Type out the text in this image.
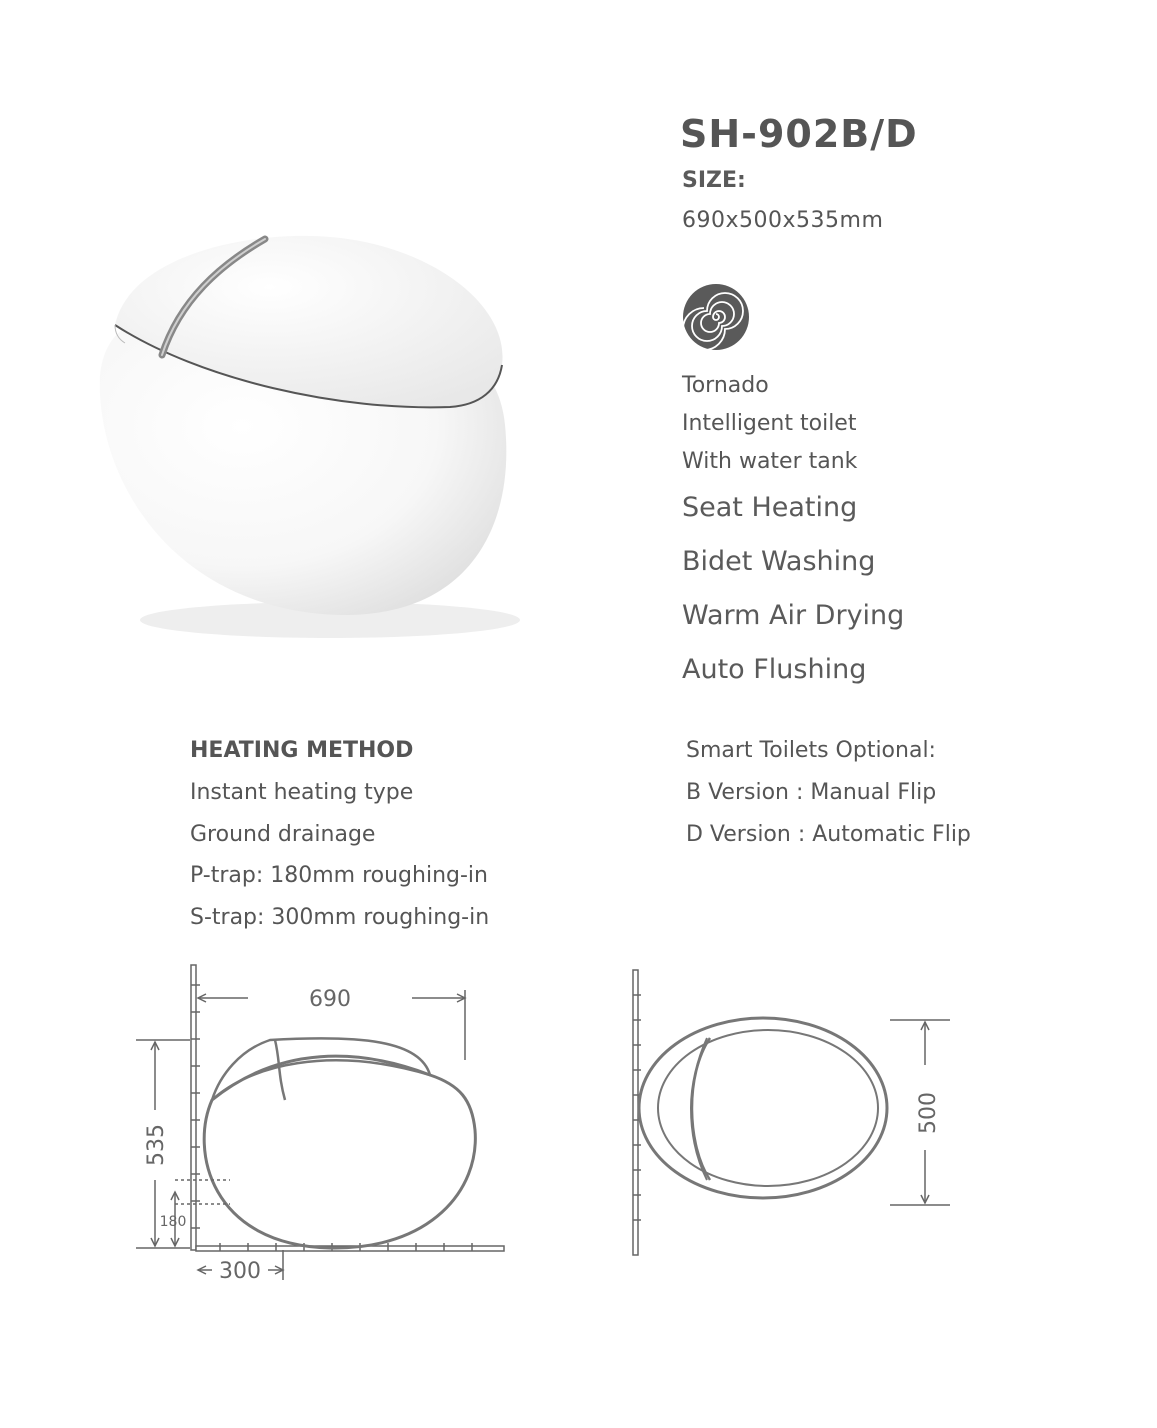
SH-902B/D
SIZE:
690x500x535mm
Tornado
Intelligent toilet
With water tank
Seat Heating
Bidet Washing
Warm Air Drying
Auto Flushing
HEATING METHOD
Instant heating type
Ground drainage
P-trap: 180mm roughing-in
S-trap: 300mm roughing-in
Smart Toilets Optional:
B Version : Manual Flip
D Version : Automatic Flip
690
535
180
300
500
